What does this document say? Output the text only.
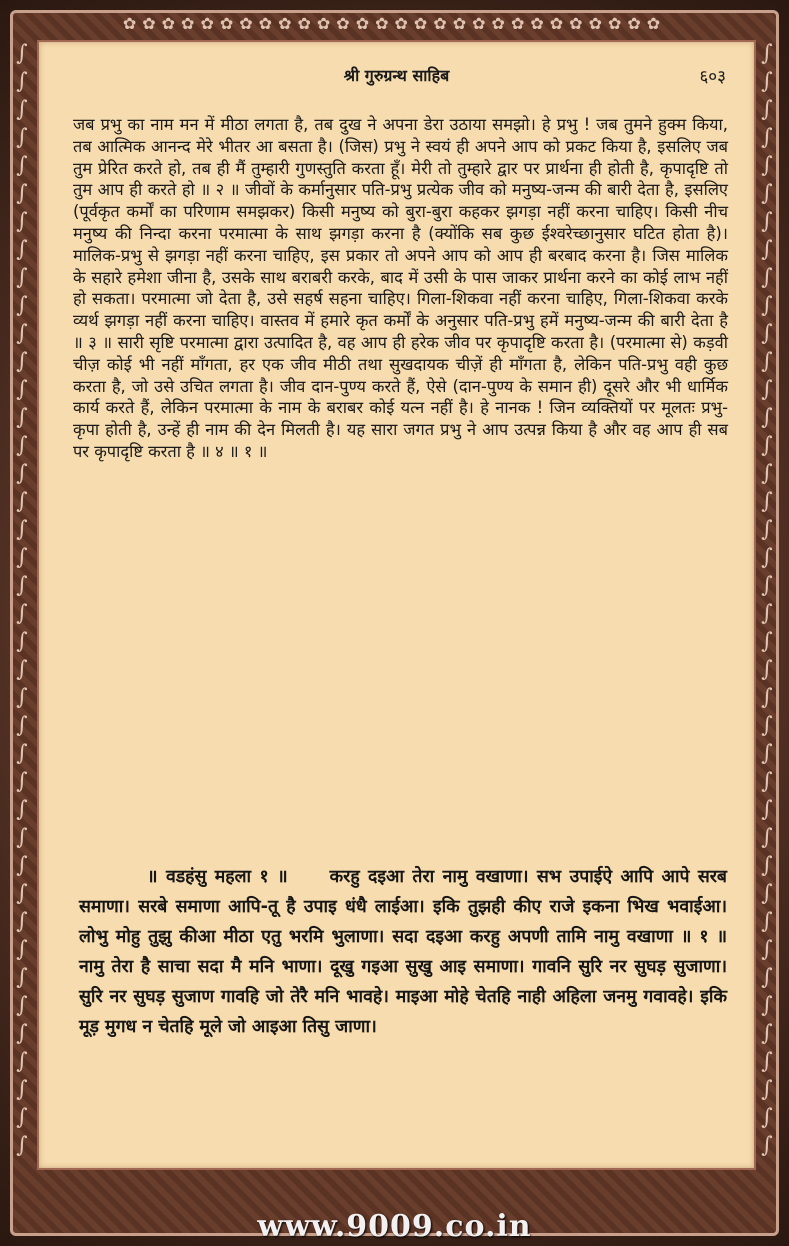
✿✿✿✿✿✿✿✿✿✿✿✿✿✿✿✿✿✿✿✿✿✿✿✿✿✿✿✿
∫
∫
∫
∫
∫
∫
∫
∫
∫
∫
∫
∫
∫
∫
∫
∫
∫
∫
∫
∫
∫
∫
∫
∫
∫
∫
∫
∫
∫
∫
∫
∫
∫
∫
∫
∫
∫
∫
∫
∫
∫
∫
∫
∫
∫
∫
∫
∫
∫
∫
∫
∫
∫
∫
∫
∫
∫
∫
∫
∫
∫
∫
∫
∫
∫
∫
∫
∫
∫
∫
∫
∫
∫
∫
∫
∫
∫
∫
∫
∫
श्री गुरुग्रन्थ साहिब	६०३

जब प्रभु का नाम मन में मीठा लगता है, तब दुख ने अपना डेरा उठाया समझो। हे प्रभु ! जब तुमने हुक्म किया, तब आत्मिक आनन्द मेरे भीतर आ बसता है। (जिस) प्रभु ने स्वयं ही अपने आप को प्रकट किया है, इसलिए जब तुम प्रेरित करते हो, तब ही मैं तुम्हारी गुणस्तुति करता हूँ। मेरी तो तुम्हारे द्वार पर प्रार्थना ही होती है, कृपादृष्टि तो तुम आप ही करते हो ॥ २ ॥ जीवों के कर्मानुसार पति-प्रभु प्रत्येक जीव को मनुष्य-जन्म की बारी देता है, इसलिए (पूर्वकृत कर्मों का परिणाम समझकर) किसी मनुष्य को बुरा-बुरा कहकर झगड़ा नहीं करना चाहिए। किसी नीच मनुष्य की निन्दा करना परमात्मा के साथ झगड़ा करना है (क्योंकि सब कुछ ईश्वरेच्छानुसार घटित होता है)। मालिक-प्रभु से झगड़ा नहीं करना चाहिए, इस प्रकार तो अपने आप को आप ही बरबाद करना है। जिस मालिक के सहारे हमेशा जीना है, उसके साथ बराबरी करके, बाद में उसी के पास जाकर प्रार्थना करने का कोई लाभ नहीं हो सकता। परमात्मा जो देता है, उसे सहर्ष सहना चाहिए। गिला-शिकवा नहीं करना चाहिए, गिला-शिकवा करके व्यर्थ झगड़ा नहीं करना चाहिए। वास्तव में हमारे कृत कर्मों के अनुसार पति-प्रभु हमें मनुष्य-जन्म की बारी देता है ॥ ३ ॥ सारी सृष्टि परमात्मा द्वारा उत्पादित है, वह आप ही हरेक जीव पर कृपादृष्टि करता है। (परमात्मा से) कड़वी चीज़ कोई भी नहीं माँगता, हर एक जीव मीठी तथा सुखदायक चीज़ें ही माँगता है, लेकिन पति-प्रभु वही कुछ करता है, जो उसे उचित लगता है। जीव दान-पुण्य करते हैं, ऐसे (दान-पुण्य के समान ही) दूसरे और भी धार्मिक कार्य करते हैं, लेकिन परमात्मा के नाम के बराबर कोई यत्न नहीं है। हे नानक ! जिन व्यक्तियों पर मूलतः प्रभु-कृपा होती है, उन्हें ही नाम की देन मिलती है। यह सारा जगत प्रभु ने आप उत्पन्न किया है और वह आप ही सब पर कृपादृष्टि करता है ॥ ४ ॥ १ ॥

॥ वडहंसु महला १ ॥     करहु दइआ तेरा नामु वखाणा। सभ उपाईऐ आपि आपे सरब समाणा। सरबे समाणा आपि-तू है उपाइ धंधै लाईआ। इकि तुझही कीए राजे इकना भिख भवाईआ। लोभु मोहु तुझु कीआ मीठा एतु भरमि भुलाणा। सदा दइआ करहु अपणी तामि नामु वखाणा ॥ १ ॥ नामु तेरा है साचा सदा मै मनि भाणा। दूखु गइआ सुखु आइ समाणा। गावनि सुरि नर सुघड़ सुजाणा। सुरि नर सुघड़ सुजाण गावहि जो तेरै मनि भावहे। माइआ मोहे चेतहि नाही अहिला जनमु गवावहे। इकि मूड़ मुगध न चेतहि मूले जो आइआ तिसु जाणा।
www.9009.co.in
